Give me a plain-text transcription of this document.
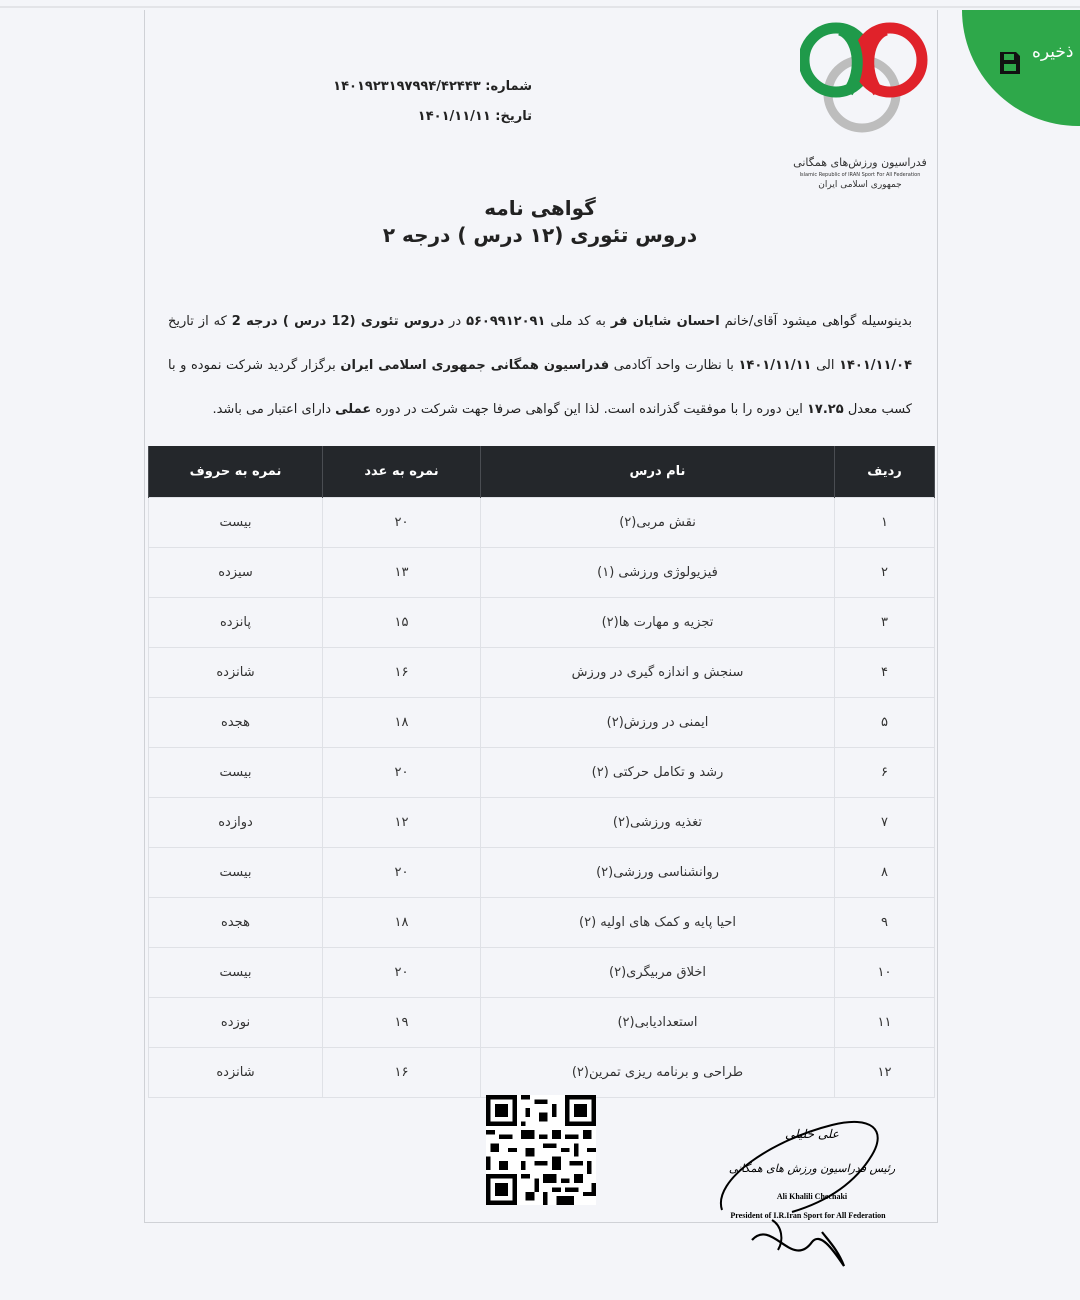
ذخیره
فدراسیون ورزش‌های همگانی
Islamic Republic of IRAN Sport For All Federation
جمهوری اسلامی ایران
شماره: ۱۴۰۱۹۲۳۱۹۷۹۹۴/۴۲۴۴۳
تاریخ: ۱۴۰۱/۱۱/۱۱
گواهی نامه
دروس تئوری (۱۲ درس ) درجه ۲
بدینوسیله گواهی میشود آقای/خانم احسان شایان فر به کد ملی ۵۶۰۹۹۱۲۰۹۱ در دروس تئوری (12 درس ) درجه 2 که از تاریخ ۱۴۰۱/۱۱/۰۴ الی ۱۴۰۱/۱۱/۱۱ با نظارت واحد آکادمی فدراسیون همگانی جمهوری اسلامی ایران برگزار گردید شرکت نموده و با کسب معدل ۱۷.۲۵ این دوره را با موفقیت گذرانده است. لذا این گواهی صرفا جهت شرکت در دوره عملی دارای اعتبار می باشد.
ردیف	نام درس	نمره به عدد	نمره به حروف
۱	نقش مربی(۲)	۲۰	بیست
۲	فیزیولوژی ورزشی (۱)	۱۳	سیزده
۳	تجزیه و مهارت ها(۲)	۱۵	پانزده
۴	سنجش و اندازه گیری در ورزش	۱۶	شانزده
۵	ایمنی در ورزش(۲)	۱۸	هجده
۶	رشد و تکامل حرکتی (۲)	۲۰	بیست
۷	تغذیه ورزشی(۲)	۱۲	دوازده
۸	روانشناسی ورزشی(۲)	۲۰	بیست
۹	احیا پایه و کمک های اولیه (۲)	۱۸	هجده
۱۰	اخلاق مربیگری(۲)	۲۰	بیست
۱۱	استعدادیابی(۲)	۱۹	نوزده
۱۲	طراحی و برنامه ریزی تمرین(۲)	۱۶	شانزده
علی خلیلی
رئیس فدراسیون ورزش های همگانی
Ali Khalili Chechaki
President of I.R.Iran Sport for All Federation
